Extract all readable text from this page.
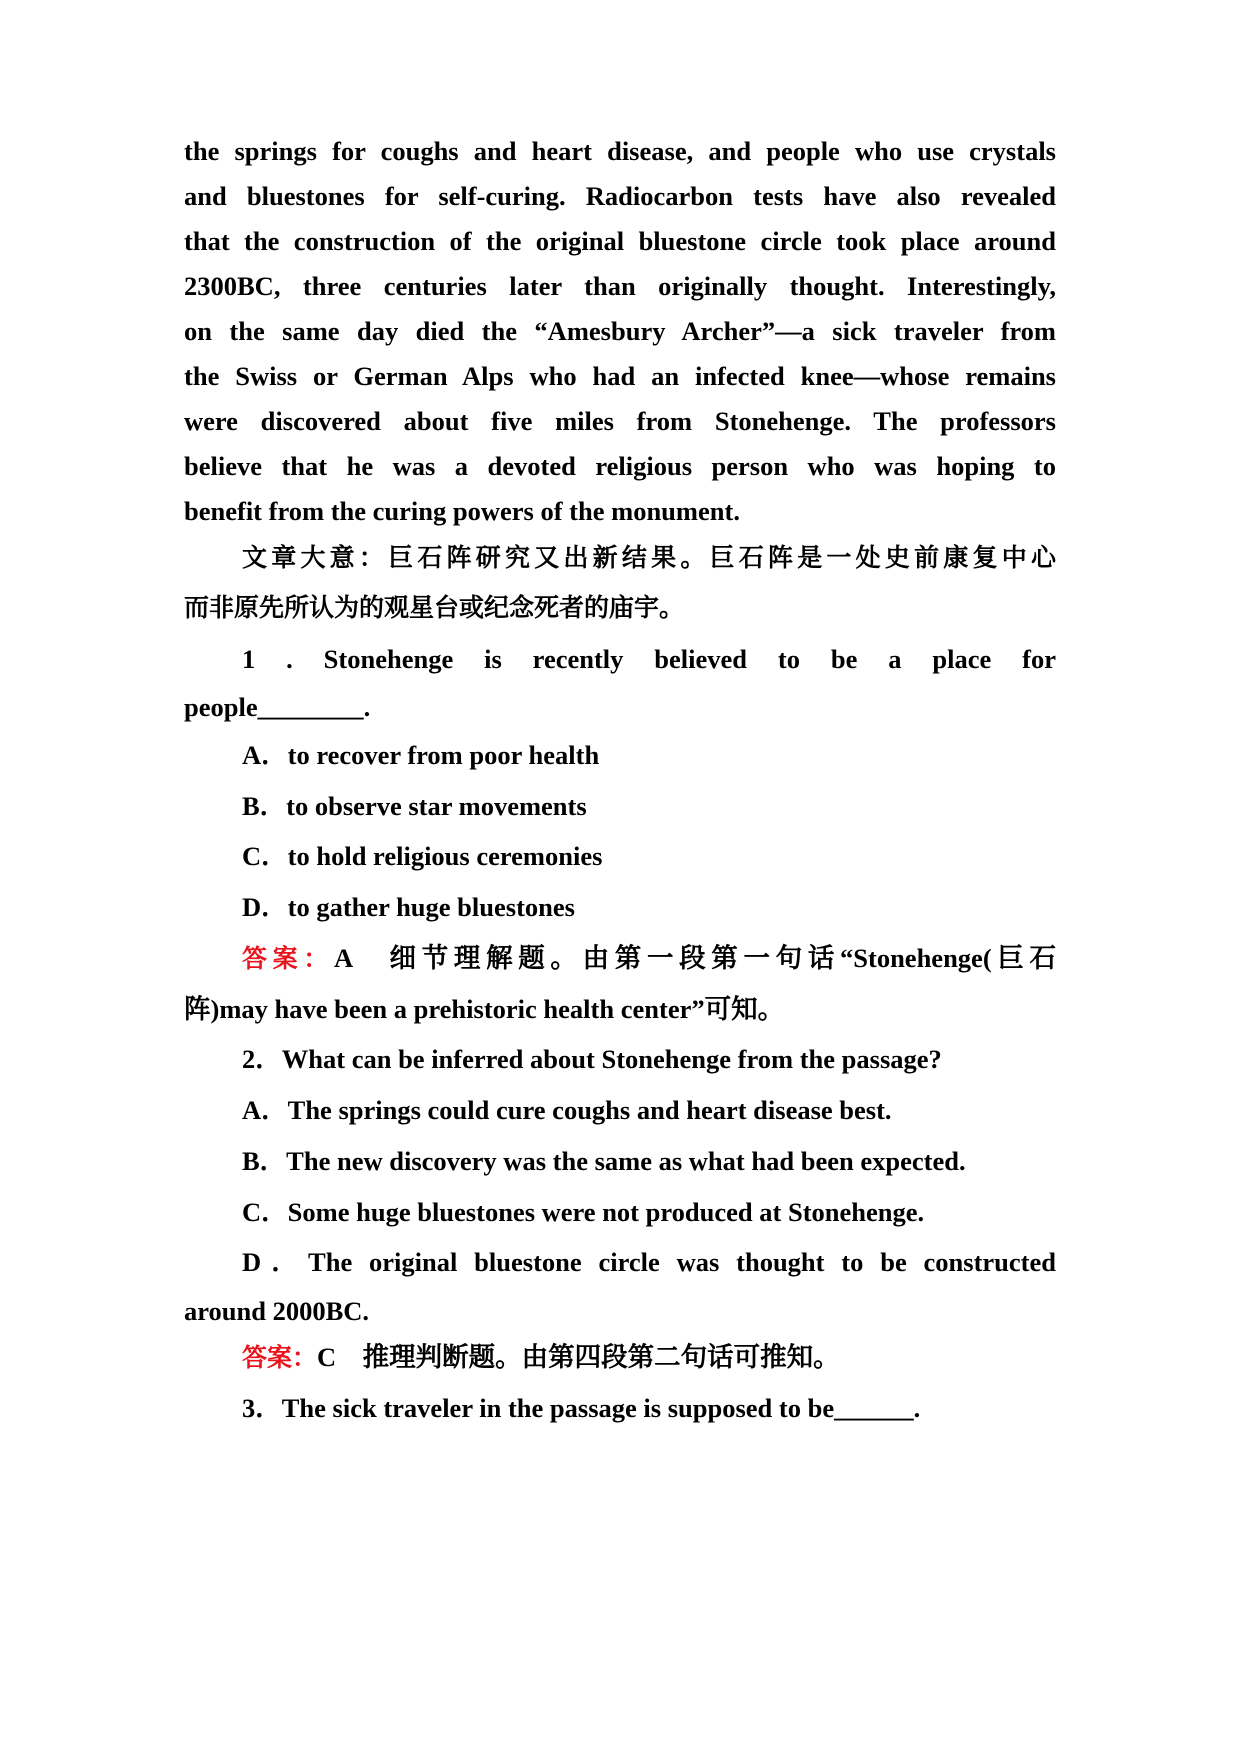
the springs for coughs and heart disease, and people who use crystals
and bluestones for self-curing. Radiocarbon tests have also revealed
that the construction of the original bluestone circle took place around
2300BC, three centuries later than originally thought. Interestingly,
on the same day died the “Amesbury Archer”—a sick traveler from
the Swiss or German Alps who had an infected knee—whose remains
were discovered about five miles from Stonehenge. The professors
believe that he was a devoted religious person who was hoping to
benefit from the curing powers of the monument.
文章大意：巨石阵研究又出新结果。巨石阵是一处史前康复中心
而非原先所认为的观星台或纪念死者的庙宇。
1 . Stonehenge is recently believed to be a place for
people________.
A．to recover from poor health
B．to observe star movements
C．to hold religious ceremonies
D．to gather huge bluestones
答案：A　细节理解题。由第一段第一句话“Stonehenge(巨石
阵)may have been a prehistoric health center”可知。
2．What can be inferred about Stonehenge from the passage?
A．The springs could cure coughs and heart disease best.
B．The new discovery was the same as what had been expected.
C．Some huge bluestones were not produced at Stonehenge.
D．The original bluestone circle was thought to be constructed
around 2000BC.
答案：C　推理判断题。由第四段第二句话可推知。
3．The sick traveler in the passage is supposed to be______.
